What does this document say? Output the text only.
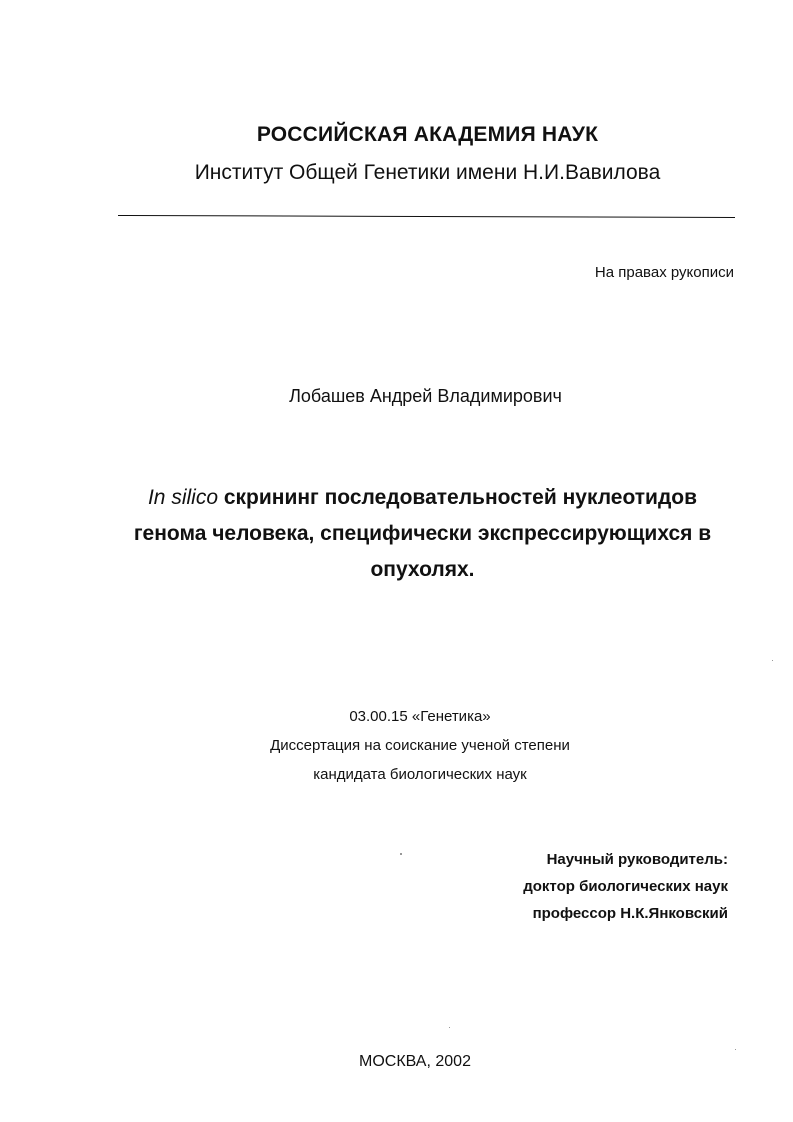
РОССИЙСКАЯ АКАДЕМИЯ НАУК
Институт Общей Генетики имени Н.И.Вавилова
На правах рукописи
Лобашев Андрей Владимирович
In silico скрининг последовательностей нуклеотидов
генома человека, специфически экспрессирующихся в
опухолях.
03.00.15 «Генетика»
Диссертация на соискание ученой степени
кандидата биологических наук
Научный руководитель:
доктор биологических наук
профессор Н.К.Янковский
МОСКВА, 2002
